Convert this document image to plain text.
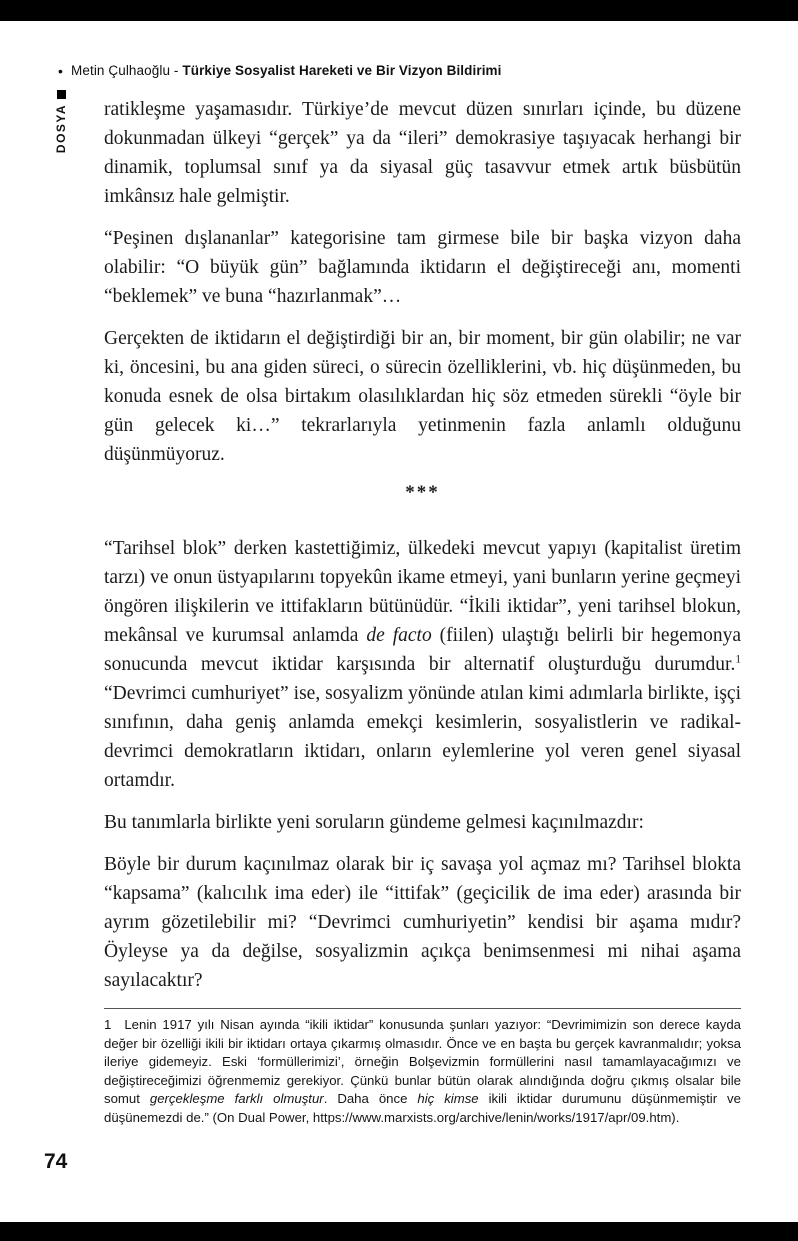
• Metin Çulhaoğlu - Türkiye Sosyalist Hareketi ve Bir Vizyon Bildirimi
DOSYA ratikleşme yaşamasıdır. Türkiye’de mevcut düzen sınırları içinde, bu düzene dokunmadan ülkeyi “gerçek” ya da “ileri” demokrasiye taşıyacak herhangi bir dinamik, toplumsal sınıf ya da siyasal güç tasavvur etmek artık büsbütün imkânsız hale gelmiştir.

“Peşinen dışlananlar” kategorisine tam girmese bile bir başka vizyon daha olabilir: “O büyük gün” bağlamında iktidarın el değiştireceği anı, momenti “beklemek” ve buna “hazırlanmak”…

Gerçekten de iktidarın el değiştirdiği bir an, bir moment, bir gün olabilir; ne var ki, öncesini, bu ana giden süreci, o sürecin özelliklerini, vb. hiç düşünmeden, bu konuda esnek de olsa birtakım olasılıklardan hiç söz etmeden sürekli “öyle bir gün gelecek ki…” tekrarlarıyla yetinmenin fazla anlamlı olduğunu düşünmüyoruz.

***

“Tarihsel blok” derken kastettiğimiz, ülkedeki mevcut yapıyı (kapitalist üretim tarzı) ve onun üstyapılarını topyekûn ikame etmeyi, yani bunların yerine geçmeyi öngören ilişkilerin ve ittifakların bütünüdür. “İkili iktidar”, yeni tarihsel blokun, mekânsal ve kurumsal anlamda de facto (fiilen) ulaştığı belirli bir hegemonya sonucunda mevcut iktidar karşısında bir alternatif oluşturduğu durumdur.$^1$ “Devrimci cumhuriyet” ise, sosyalizm yönünde atılan kimi adımlarla birlikte, işçi sınıfının, daha geniş anlamda emekçi kesimlerin, sosyalistlerin ve radikal-devrimci demokratların iktidarı, onların eylemlerine yol veren genel siyasal ortamdır.

Bu tanımlarla birlikte yeni soruların gündeme gelmesi kaçınılmazdır:

Böyle bir durum kaçınılmaz olarak bir iç savaşa yol açmaz mı? Tarihsel blokta “kapsama” (kalıcılık ima eder) ile “ittifak” (geçicilik de ima eder) arasında bir ayrım gözetilebilir mi? “Devrimci cumhuriyetin” kendisi bir aşama mıdır? Öyleyse ya da değilse, sosyalizmin açıkça benimsenmesi mi nihai aşama sayılacaktır?

1 Lenin 1917 yılı Nisan ayında “ikili iktidar” konusunda şunları yazıyor: “Devrimimizin son derece kayda değer bir özelliği ikili bir iktidarı ortaya çıkarmış olmasıdır. Önce ve en başta bu gerçek kavranmalıdır; yoksa ileriye gidemeyiz. Eski ‘formüllerimizi’, örneğin Bolşevizmin formüllerini nasıl tamamlayacağımızı ve değiştireceğimizi öğrenmemiz gerekiyor. Çünkü bunlar bütün olarak alındığında doğru çıkmış olsalar bile somut gerçekleşme farklı olmuştur. Daha önce hiç kimse ikili iktidar durumunu düşünmemiştir ve düşünemezdi de.” (On Dual Power, https://www.marxists.org/archive/lenin/works/1917/apr/09.htm).
74
